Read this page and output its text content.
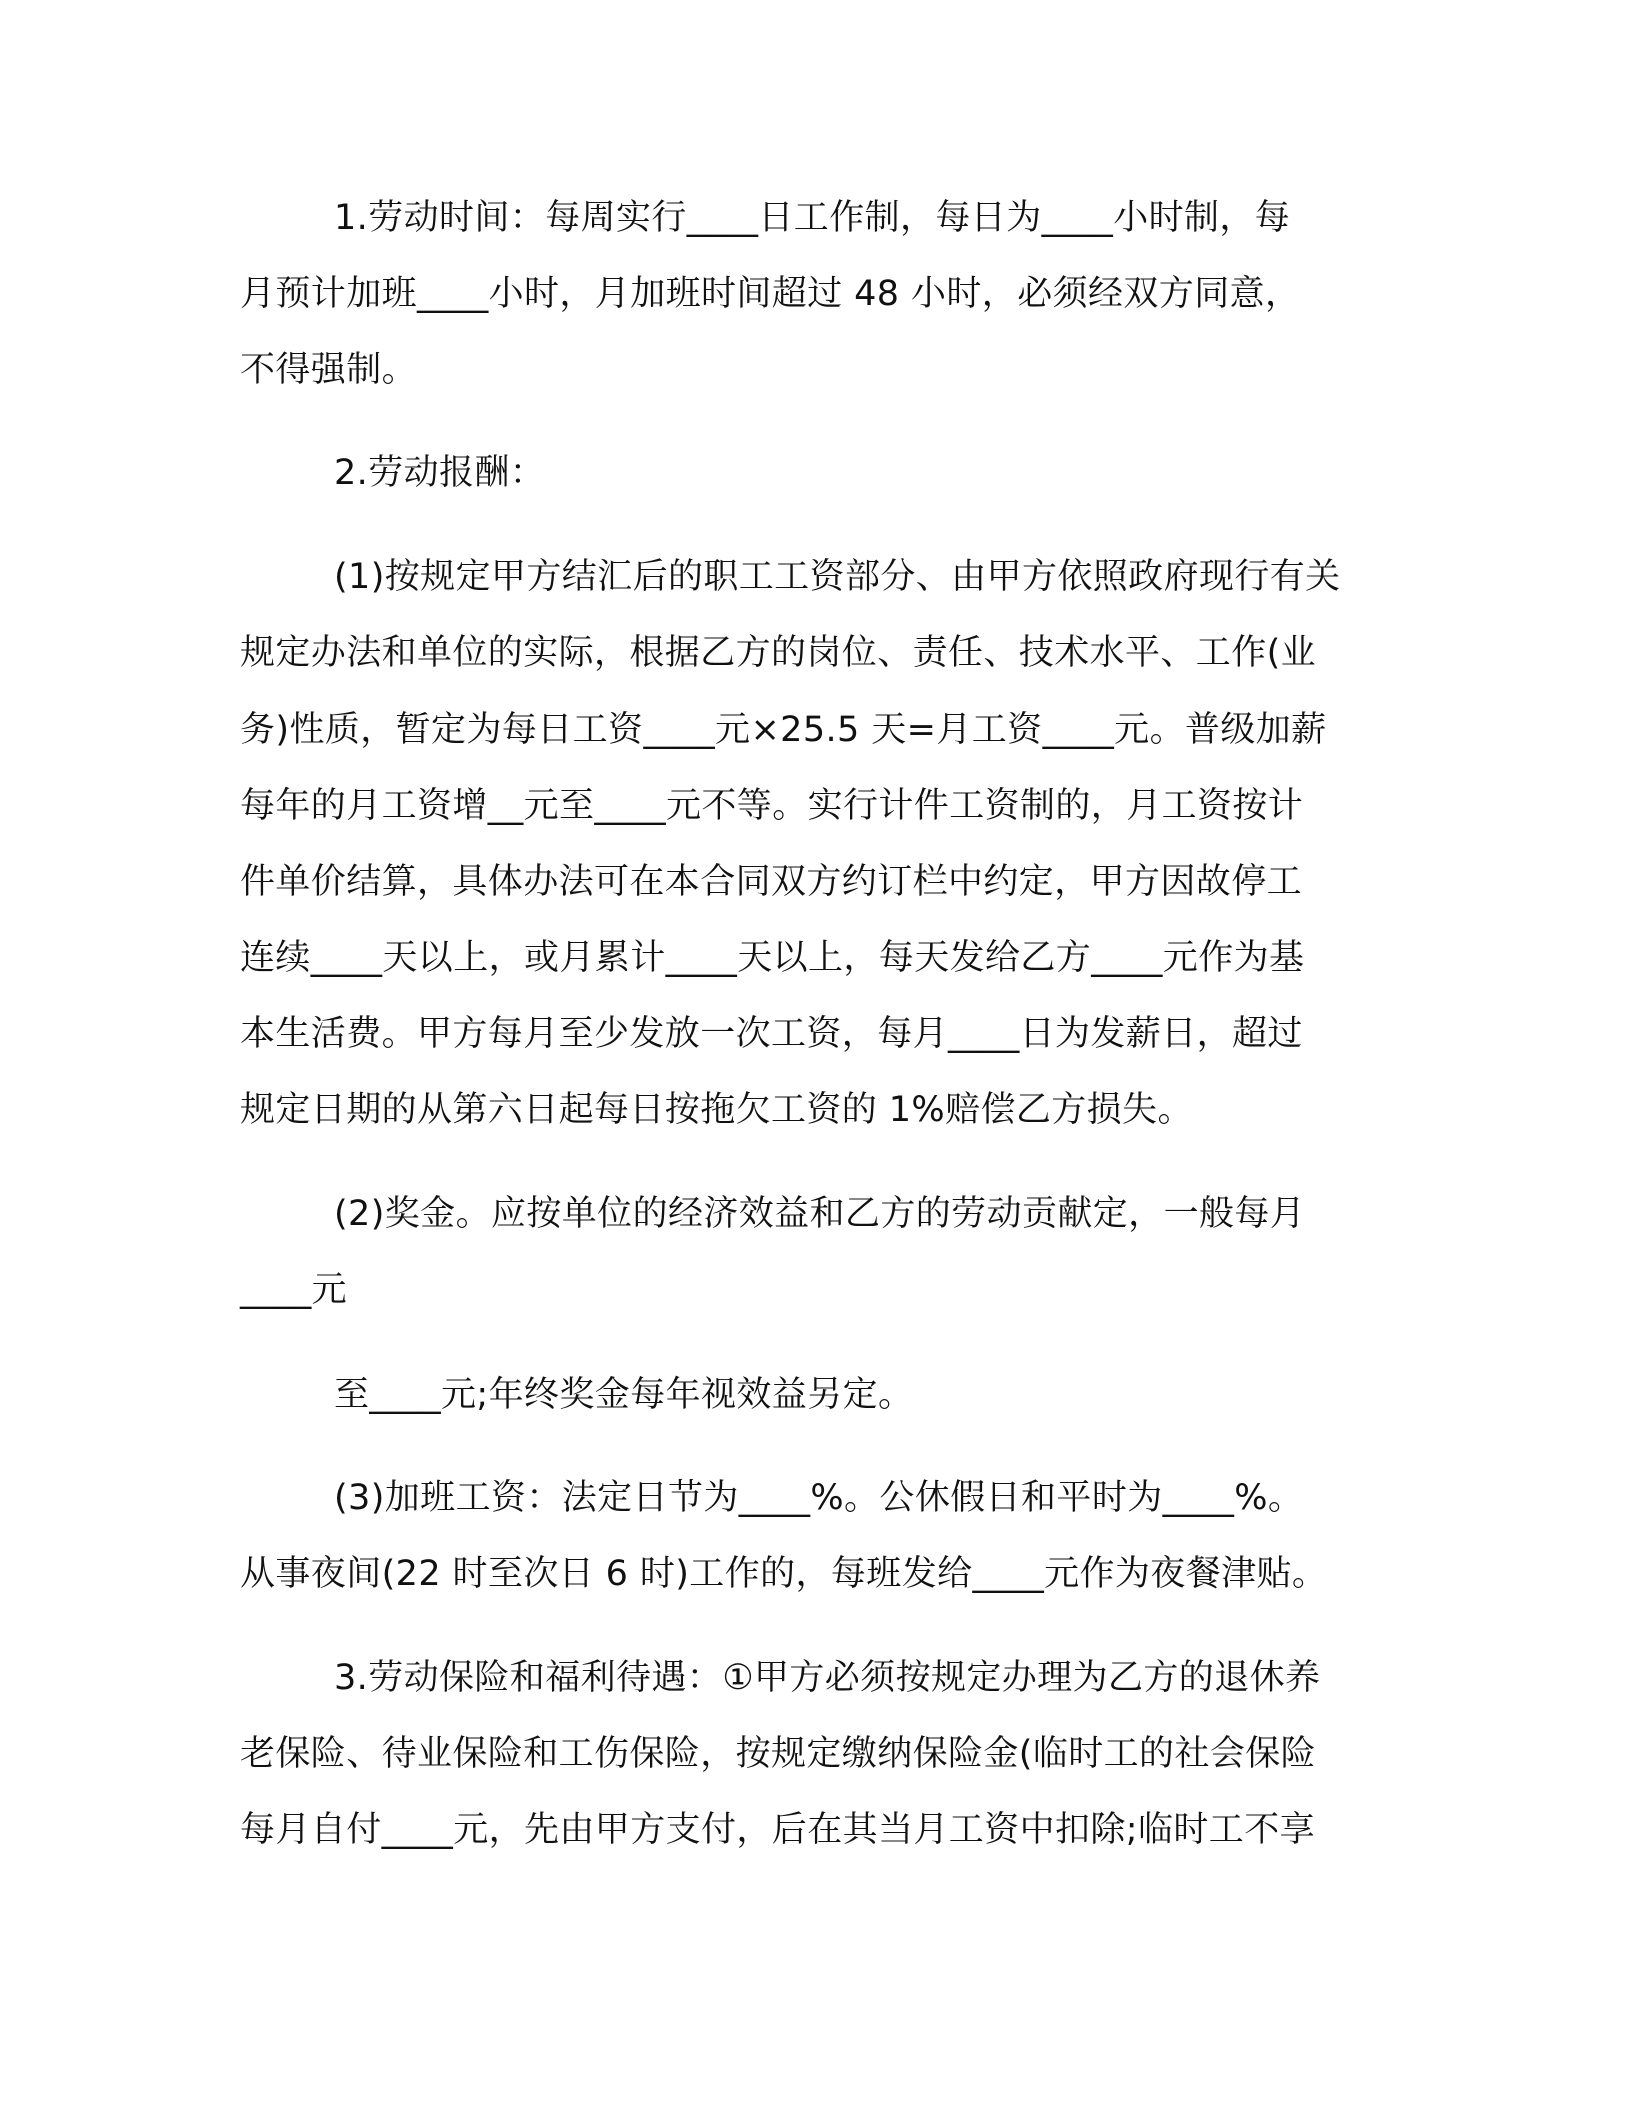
1.劳动时间：每周实行____日工作制，每日为____小时制，每
月预计加班____小时，月加班时间超过 48 小时，必须经双方同意，
不得强制。
2.劳动报酬：
(1)按规定甲方结汇后的职工工资部分、由甲方依照政府现行有关
规定办法和单位的实际，根据乙方的岗位、责任、技术水平、工作(业
务)性质，暂定为每日工资____元×25.5 天=月工资____元。普级加薪
每年的月工资增__元至____元不等。实行计件工资制的，月工资按计
件单价结算，具体办法可在本合同双方约订栏中约定，甲方因故停工
连续____天以上，或月累计____天以上，每天发给乙方____元作为基
本生活费。甲方每月至少发放一次工资，每月____日为发薪日，超过
规定日期的从第六日起每日按拖欠工资的 1%赔偿乙方损失。
(2)奖金。应按单位的经济效益和乙方的劳动贡献定，一般每月
____元
至____元;年终奖金每年视效益另定。
(3)加班工资：法定日节为____%。公休假日和平时为____%。
从事夜间(22 时至次日 6 时)工作的，每班发给____元作为夜餐津贴。
3.劳动保险和福利待遇：①甲方必须按规定办理为乙方的退休养
老保险、待业保险和工伤保险，按规定缴纳保险金(临时工的社会保险
每月自付____元，先由甲方支付，后在其当月工资中扣除;临时工不享
